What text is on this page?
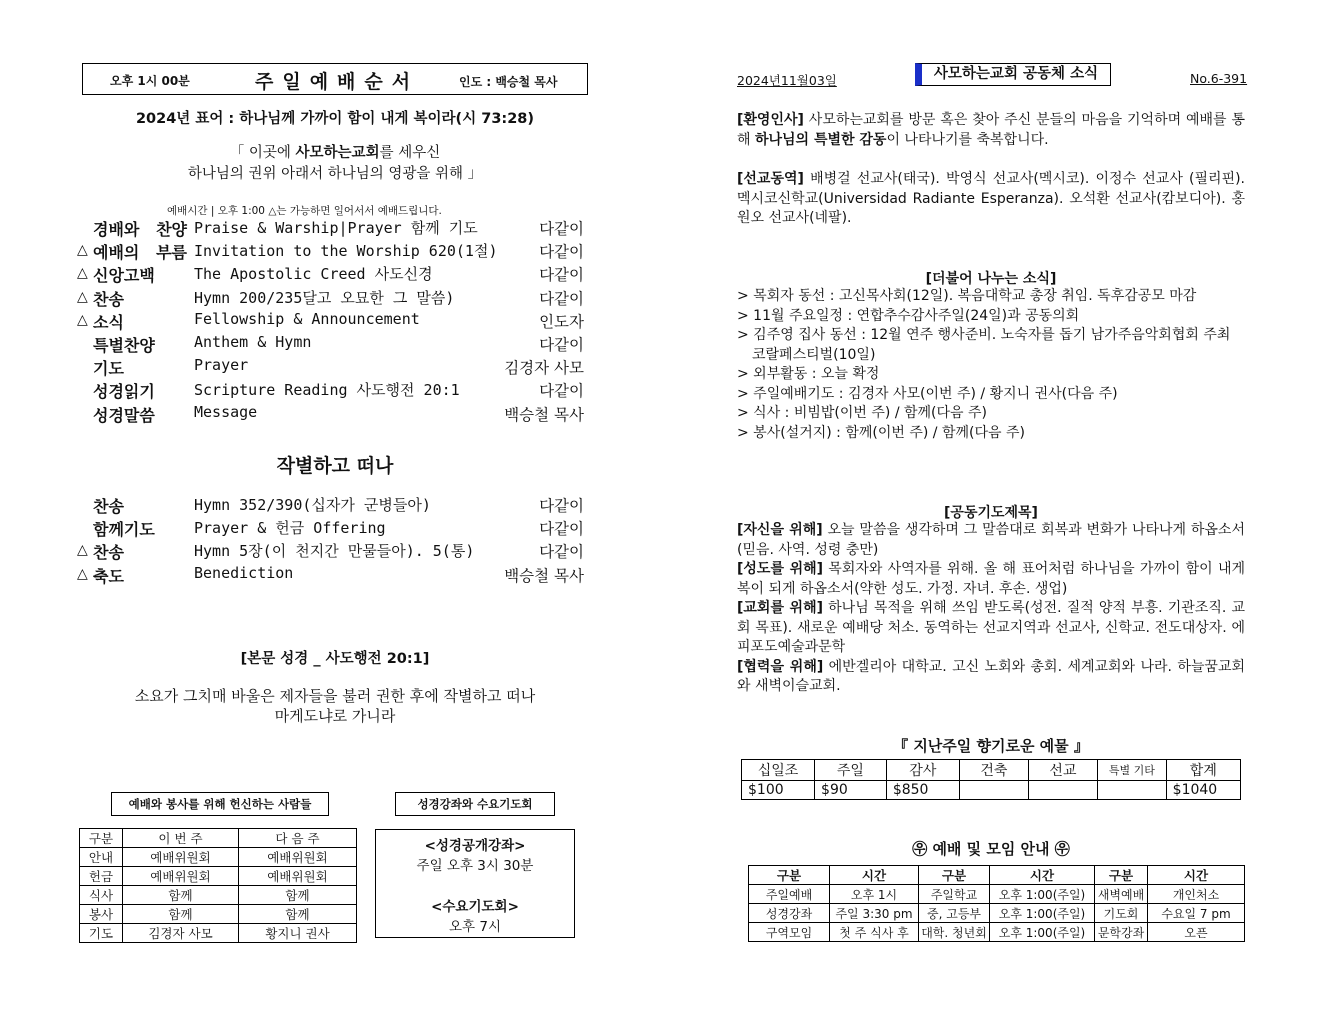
오후 1시 00분	주일예배순서	인도 : 백승철 목사
2024년 표어 : 하나님께 가까이 함이 내게 복이라(시 73:28)
「 이곳에 사모하는교회를 세우신
하나님의 권위 아래서 하나님의 영광을 위해 」
예배시간 | 오후 1:00 △는 가능하면 일어서서 예배드립니다.
경배와 찬양 Praise & Warship|Prayer 함께 기도	다같이
△ 예배의 부름 Invitation to the Worship 620(1절)	다같이
△ 신앙고백	The Apostolic Creed 사도신경	다같이
△ 찬송	Hymn 200/235달고 오묘한 그 말씀)	다같이
△ 소식	Fellowship & Announcement	인도자
특별찬양	Anthem & Hymn	다같이
기도	Prayer	김경자 사모
성경읽기	Scripture Reading 사도행전 20:1	다같이
성경말씀	Message	백승철 목사
작별하고 떠나
찬송	Hymn 352/390(십자가 군병들아)	다같이
함께기도	Prayer & 헌금 Offering	다같이
△ 찬송	Hymn 5장(이 천지간 만물들아). 5(통)	다같이
△ 축도	Benediction	백승철 목사
[본문 성경 _ 사도행전 20:1]
소요가 그치매 바울은 제자들을 불러 권한 후에 작별하고 떠나
마게도냐로 가니라
예배와 봉사를 위해 헌신하는 사람들	성경강좌와 수요기도회
구분	이 번 주	다 음 주
안내	예배위원회	예배위원회
헌금	예배위원회	예배위원회
식사	함께	함께
봉사	함께	함께
기도	김경자 사모	황지니 권사
<성경공개강좌>
주일 오후 3시 30분
<수요기도회>
오후 7시
2024년11월03일	사모하는교회 공동체 소식	No.6-391
[환영인사] 사모하는교회를 방문 혹은 찾아 주신 분들의 마음을 기억하며 예배를 통해 하나님의 특별한 감동이 나타나기를 축복합니다.
[선교동역] 배병걸 선교사(태국). 박영식 선교사(멕시코). 이정수 선교사 (필리핀). 멕시코신학교(Universidad Radiante Esperanza). 오석환 선교사(캄보디아). 홍원오 선교사(네팔).
[더불어 나누는 소식]
> 목회자 동선 : 고신목사회(12일). 복음대학교 총장 취임. 독후감공모 마감
> 11월 주요일정 : 연합추수감사주일(24일)과 공동의회
> 김주영 집사 동선 : 12월 연주 행사준비. 노숙자를 돕기 남가주음악회협회 주최 코랄페스티벌(10일)
> 외부활동 : 오늘 확정
> 주일예배기도 : 김경자 사모(이번 주) / 황지니 권사(다음 주)
> 식사 : 비빔밥(이번 주) / 함께(다음 주)
> 봉사(설거지) : 함께(이번 주) / 함께(다음 주)
[공동기도제목]
[자신을 위해] 오늘 말씀을 생각하며 그 말씀대로 회복과 변화가 나타나게 하옵소서(믿음. 사역. 성령 충만)
[성도를 위해] 목회자와 사역자를 위해. 올 해 표어처럼 하나님을 가까이 함이 내게 복이 되게 하옵소서(약한 성도. 가정. 자녀. 후손. 생업)
[교회를 위해] 하나님 목적을 위해 쓰임 받도록(성전. 질적 양적 부흥. 기관조직. 교회 목표). 새로운 예배당 처소. 동역하는 선교지역과 선교사, 신학교. 전도대상자. 에피포도예술과문학
[협력을 위해] 에반겔리아 대학교. 고신 노회와 총회. 세계교회와 나라. 하늘꿈교회와 새벽이슬교회.
『 지난주일 향기로운 예물 』
십일조	주일	감사	건축	선교	특별 기타	합계
$100	$90	$850				$1040
㉾ 예배 및 모임 안내 ㉾
구분	시간	구분	시간	구분	시간
주일예배	오후 1시	주일학교	오후 1:00(주일)	새벽예배	개인처소
성경강좌	주일 3:30 pm	중, 고등부	오후 1:00(주일)	기도회	수요일 7 pm
구역모임	첫 주 식사 후	대학. 청년회	오후 1:00(주일)	문학강좌	오픈
